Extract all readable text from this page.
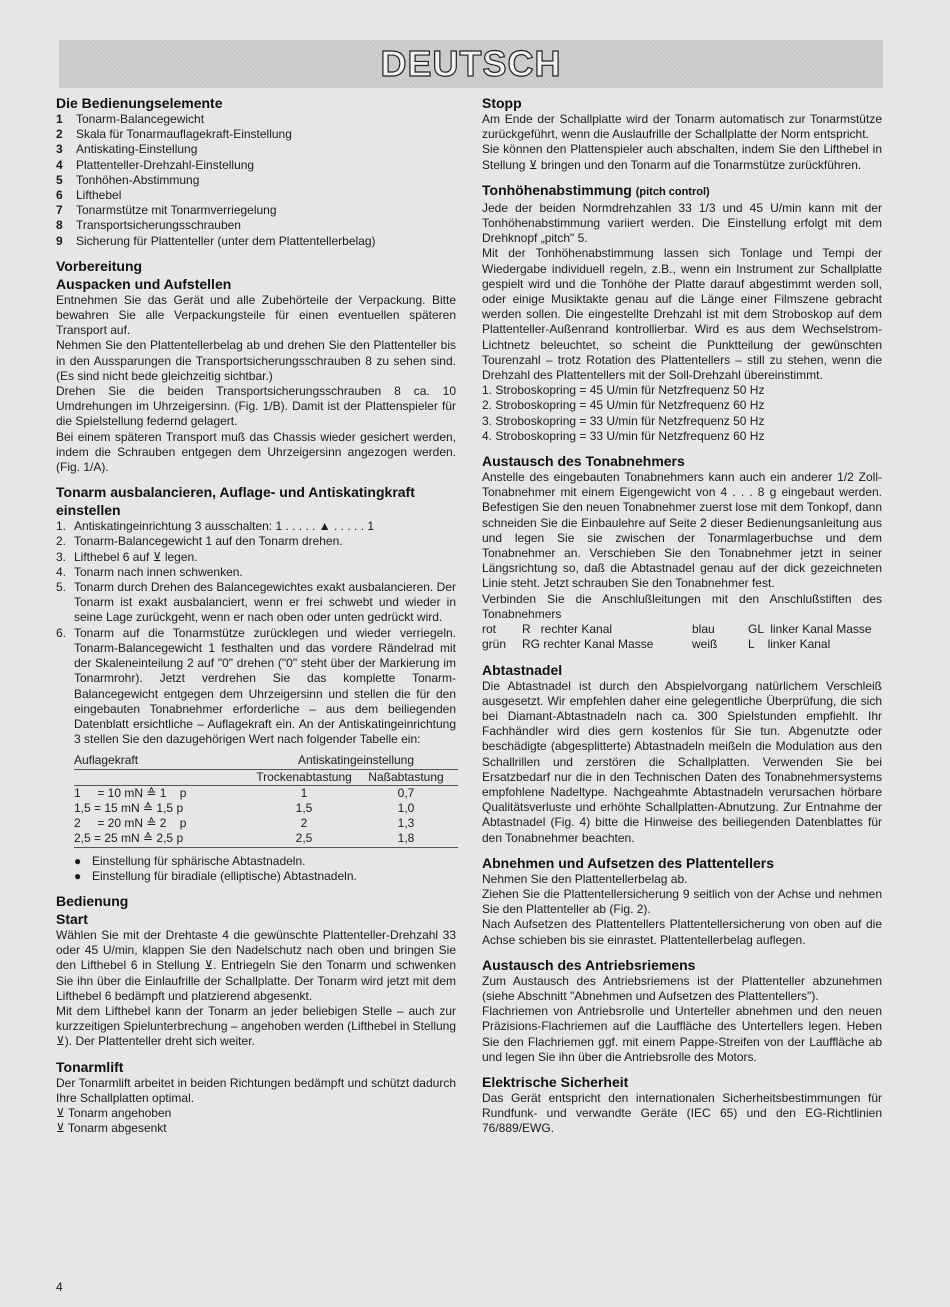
DEUTSCH
Die Bedienungselemente
1	Tonarm-Balancegewicht
2	Skala für Tonarmauflagekraft-Einstellung
3	Antiskating-Einstellung
4	Plattenteller-Drehzahl-Einstellung
5	Tonhöhen-Abstimmung
6	Lifthebel
7	Tonarmstütze mit Tonarmverriegelung
8	Transportsicherungsschrauben
9	Sicherung für Plattenteller (unter dem Plattentellerbelag)
Vorbereitung
Auspacken und Aufstellen

Entnehmen Sie das Gerät und alle Zubehörteile der Verpackung. Bitte bewahren Sie alle Verpackungsteile für einen eventuellen späteren Transport auf.

Nehmen Sie den Plattentellerbelag ab und drehen Sie den Plattenteller bis in den Aussparungen die Transportsicherungsschrauben 8 zu sehen sind. (Es sind nicht bede gleichzeitig sichtbar.)

Drehen Sie die beiden Transportsicherungsschrauben 8 ca. 10 Umdrehungen im Uhrzeigersinn. (Fig. 1/B). Damit ist der Plattenspieler für die Spielstellung federnd gelagert.

Bei einem späteren Transport muß das Chassis wieder gesichert werden, indem die Schrauben entgegen dem Uhrzeigersinn angezogen werden. (Fig. 1/A).

Tonarm ausbalancieren, Auflage- und Antiskatingkraft einstellen
1. Antiskatingeinrichtung 3 ausschalten: 1 . . . . . ▲ . . . . . 1
2. Tonarm-Balancegewicht 1 auf den Tonarm drehen.
3. Lifthebel 6 auf ⊻ legen.
4. Tonarm nach innen schwenken.
5. Tonarm durch Drehen des Balancegewichtes exakt ausbalancieren. Der Tonarm ist exakt ausbalanciert, wenn er frei schwebt und wieder in seine Lage zurückgeht, wenn er nach oben oder unten gedrückt wird.
6. Tonarm auf die Tonarmstütze zurücklegen und wieder verriegeln. Tonarm-Balancegewicht 1 festhalten und das vordere Rändelrad mit der Skaleneinteilung 2 auf "0" drehen ("0" steht über der Markierung im Tonarmrohr). Jetzt verdrehen Sie das komplette Tonarm-Balancegewicht entgegen dem Uhrzeigersinn und stellen die für den eingebauten Tonabnehmer erforderliche – aus dem beiliegenden Datenblatt ersichtliche – Auflagekraft ein. An der Antiskatingeinrichtung 3 stellen Sie den dazugehörigen Wert nach folgender Tabelle ein:
Auflagekraft	Antiskatingeinstellung	
	Trockenabtastung	Naßabtastung
1     = 10 mN ≙ 1    p	1	0,7
1,5 = 15 mN ≙ 1,5 p	1,5	1,0
2     = 20 mN ≙ 2    p	2	1,3
2,5 = 25 mN ≙ 2,5 p	2,5	1,8
● Einstellung für sphärische Abtastnadeln.
● Einstellung für biradiale (elliptische) Abtastnadeln.
Bedienung
Start

Wählen Sie mit der Drehtaste 4 die gewünschte Plattenteller-Drehzahl 33 oder 45 U/min, klappen Sie den Nadelschutz nach oben und bringen Sie den Lifthebel 6 in Stellung ⊻. Entriegeln Sie den Tonarm und schwenken Sie ihn über die Einlaufrille der Schallplatte. Der Tonarm wird jetzt mit dem Lifthebel 6 bedämpft und platzierend abgesenkt.

Mit dem Lifthebel kann der Tonarm an jeder beliebigen Stelle – auch zur kurzzeitigen Spielunterbrechung – angehoben werden (Lifthebel in Stellung ⊻). Der Plattenteller dreht sich weiter.

Tonarmlift

Der Tonarmlift arbeitet in beiden Richtungen bedämpft und schützt dadurch Ihre Schallplatten optimal.

⊻ Tonarm angehoben

⊻ Tonarm abgesenkt

Stopp

Am Ende der Schallplatte wird der Tonarm automatisch zur Tonarmstütze zurückgeführt, wenn die Auslaufrille der Schallplatte der Norm entspricht.

Sie können den Plattenspieler auch abschalten, indem Sie den Lifthebel in Stellung ⊻ bringen und den Tonarm auf die Tonarmstütze zurückführen.

Tonhöhenabstimmung (pitch control)

Jede der beiden Normdrehzahlen 33 1/3 und 45 U/min kann mit der Tonhöhenabstimmung variiert werden. Die Einstellung erfolgt mit dem Drehknopf „pitch" 5.

Mit der Tonhöhenabstimmung lassen sich Tonlage und Tempi der Wiedergabe individuell regeln, z.B., wenn ein Instrument zur Schallplatte gespielt wird und die Tonhöhe der Platte darauf abgestimmt werden soll, oder einige Musiktakte genau auf die Länge einer Filmszene gebracht werden sollen. Die eingestellte Drehzahl ist mit dem Stroboskop auf dem Plattenteller-Außenrand kontrollierbar. Wird es aus dem Wechselstrom-Lichtnetz beleuchtet, so scheint die Punktteilung der gewünschten Tourenzahl – trotz Rotation des Plattentellers – still zu stehen, wenn die Drehzahl des Plattentellers mit der Soll-Drehzahl übereinstimmt.

1. Stroboskopring = 45 U/min für Netzfrequenz 50 Hz

2. Stroboskopring = 45 U/min für Netzfrequenz 60 Hz

3. Stroboskopring = 33 U/min für Netzfrequenz 50 Hz

4. Stroboskopring = 33 U/min für Netzfrequenz 60 Hz

Austausch des Tonabnehmers

Anstelle des eingebauten Tonabnehmers kann auch ein anderer 1/2 Zoll-Tonabnehmer mit einem Eigengewicht von 4 . . . 8 g eingebaut werden. Befestigen Sie den neuen Tonabnehmer zuerst lose mit dem Tonkopf, dann schneiden Sie die Einbaulehre auf Seite 2 dieser Bedienungsanleitung aus und legen Sie sie zwischen der Tonarmlagerbuchse und dem Tonabnehmer an. Verschieben Sie den Tonabnehmer jetzt in seiner Längsrichtung so, daß die Abtastnadel genau auf der dick gezeichneten Linie steht. Jetzt schrauben Sie den Tonabnehmer fest.

Verbinden Sie die Anschlußleitungen mit den Anschlußstiften des Tonabnehmers

rot	R   rechter Kanal	blau	GL  linker Kanal Masse
grün	RG rechter Kanal Masse	weiß	L    linker Kanal
Abtastnadel

Die Abtastnadel ist durch den Abspielvorgang natürlichem Verschleiß ausgesetzt. Wir empfehlen daher eine gelegentliche Überprüfung, die sich bei Diamant-Abtastnadeln nach ca. 300 Spielstunden empfiehlt. Ihr Fachhändler wird dies gern kostenlos für Sie tun. Abgenutzte oder beschädigte (abgesplitterte) Abtastnadeln meißeln die Modulation aus den Schallrillen und zerstören die Schallplatten. Verwenden Sie bei Ersatzbedarf nur die in den Technischen Daten des Tonabnehmersystems empfohlene Nadeltype. Nachgeahmte Abtastnadeln verursachen hörbare Qualitätsverluste und erhöhte Schallplatten-Abnutzung. Zur Entnahme der Abtastnadel (Fig. 4) bitte die Hinweise des beiliegenden Datenblattes für den Tonabnehmer beachten.

Abnehmen und Aufsetzen des Plattentellers

Nehmen Sie den Plattentellerbelag ab.

Ziehen Sie die Plattentellersicherung 9 seitlich von der Achse und nehmen Sie den Plattenteller ab (Fig. 2).

Nach Aufsetzen des Plattentellers Plattentellersicherung von oben auf die Achse schieben bis sie einrastet. Plattentellerbelag auflegen.

Austausch des Antriebsriemens

Zum Austausch des Antriebsriemens ist der Plattenteller abzunehmen (siehe Abschnitt "Abnehmen und Aufsetzen des Plattentellers").

Flachriemen von Antriebsrolle und Unterteller abnehmen und den neuen Präzisions-Flachriemen auf die Lauffläche des Untertellers legen. Heben Sie den Flachriemen ggf. mit einem Pappe-Streifen von der Lauffläche ab und legen Sie ihn über die Antriebsrolle des Motors.

Elektrische Sicherheit

Das Gerät entspricht den internationalen Sicherheitsbestimmungen für Rundfunk- und verwandte Geräte (IEC 65) und den EG-Richtlinien 76/889/EWG.

4
